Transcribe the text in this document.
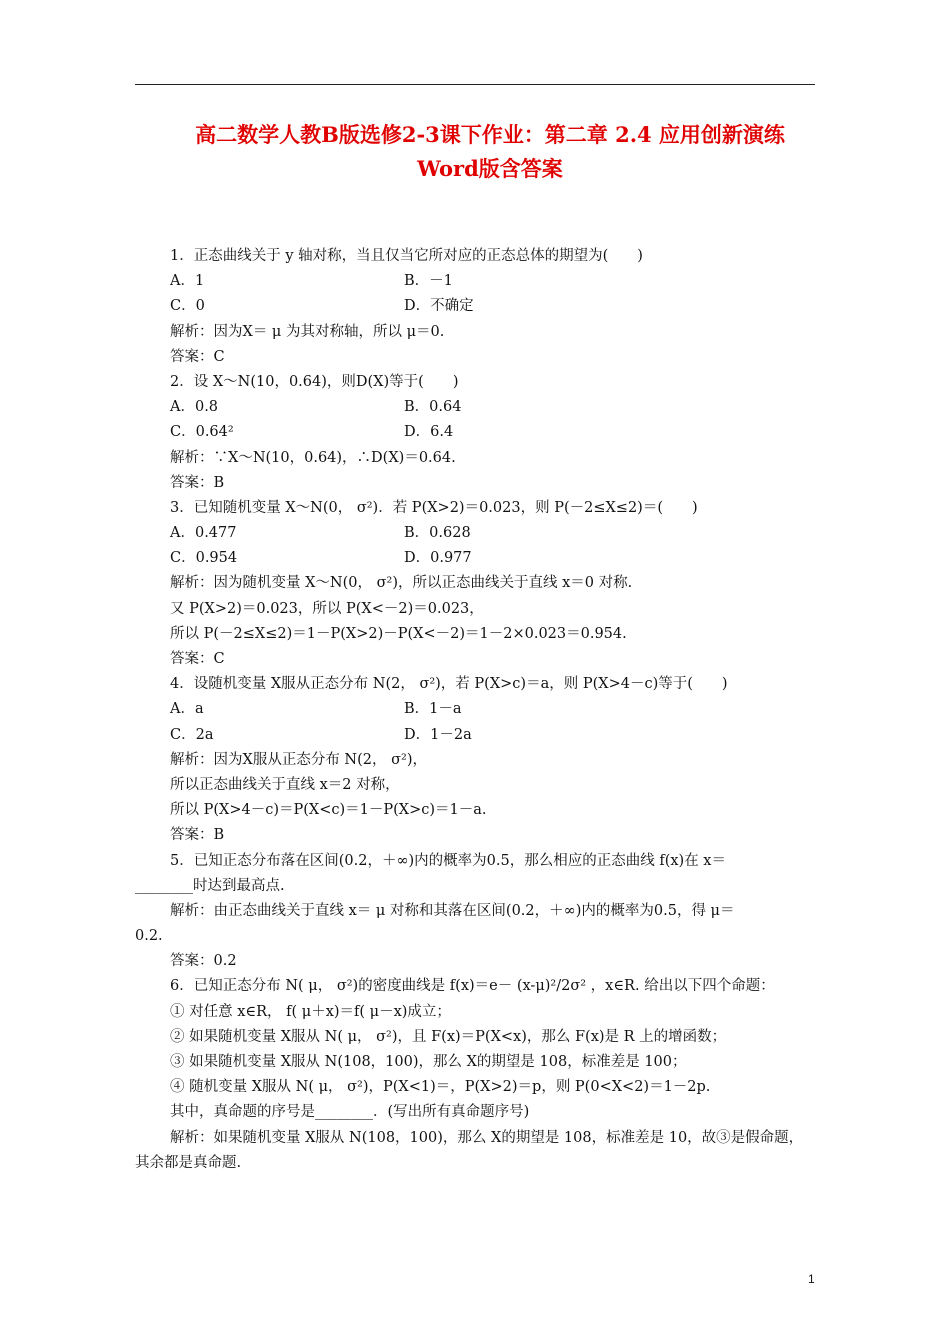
高二数学人教B版选修2-3课下作业：第二章 2.4 应用创新演练
Word版含答案
1．正态曲线关于 y 轴对称，当且仅当它所对应的正态总体的期望为(　　)
A．1	B．－1
C．0	D．不确定
解析：因为X＝ μ 为其对称轴，所以 μ＝0.
答案：C
2．设 X～N(10，0.64)，则D(X)等于(　　)
A．0.8	B．0.64
C．0.64²	D．6.4
解析：∵X～N(10，0.64)，∴D(X)＝0.64.
答案：B
3．已知随机变量 X～N(0， σ²)．若 P(X>2)＝0.023，则 P(－2≤X≤2)＝(　　)
A．0.477	B．0.628
C．0.954	D．0.977
解析：因为随机变量 X～N(0， σ²)，所以正态曲线关于直线 x＝0 对称.
又 P(X>2)＝0.023，所以 P(X<－2)＝0.023，
所以 P(－2≤X≤2)＝1－P(X>2)－P(X<－2)＝1－2×0.023＝0.954.
答案：C
4．设随机变量 X服从正态分布 N(2， σ²)，若 P(X>c)＝a，则 P(X>4－c)等于(　　)
A．a	B．1－a
C．2a	D．1－2a
解析：因为X服从正态分布 N(2， σ²)，
所以正态曲线关于直线 x＝2 对称，
所以 P(X>4－c)＝P(X<c)＝1－P(X>c)＝1－a.
答案：B
5．已知正态分布落在区间(0.2，＋∞)内的概率为0.5，那么相应的正态曲线 f(x)在 x＝
________时达到最高点.
解析：由正态曲线关于直线 x＝ μ 对称和其落在区间(0.2，＋∞)内的概率为0.5，得 μ＝
0.2.
答案：0.2
6．已知正态分布 N( μ， σ²)的密度曲线是 f(x)＝e－ (x-μ)²/2σ² ，x∈R. 给出以下四个命题：
① 对任意 x∈R， f( μ＋x)＝f( μ－x)成立；
② 如果随机变量 X服从 N( μ， σ²)，且 F(x)＝P(X<x)，那么 F(x)是 R 上的增函数；
③ 如果随机变量 X服从 N(108，100)，那么 X的期望是 108，标准差是 100；
④ 随机变量 X服从 N( μ， σ²)，P(X<1)＝，P(X>2)＝p，则 P(0<X<2)＝1－2p.
其中，真命题的序号是________．(写出所有真命题序号)
解析：如果随机变量 X服从 N(108，100)，那么 X的期望是 108，标准差是 10，故③是假命题，
其余都是真命题.
1
